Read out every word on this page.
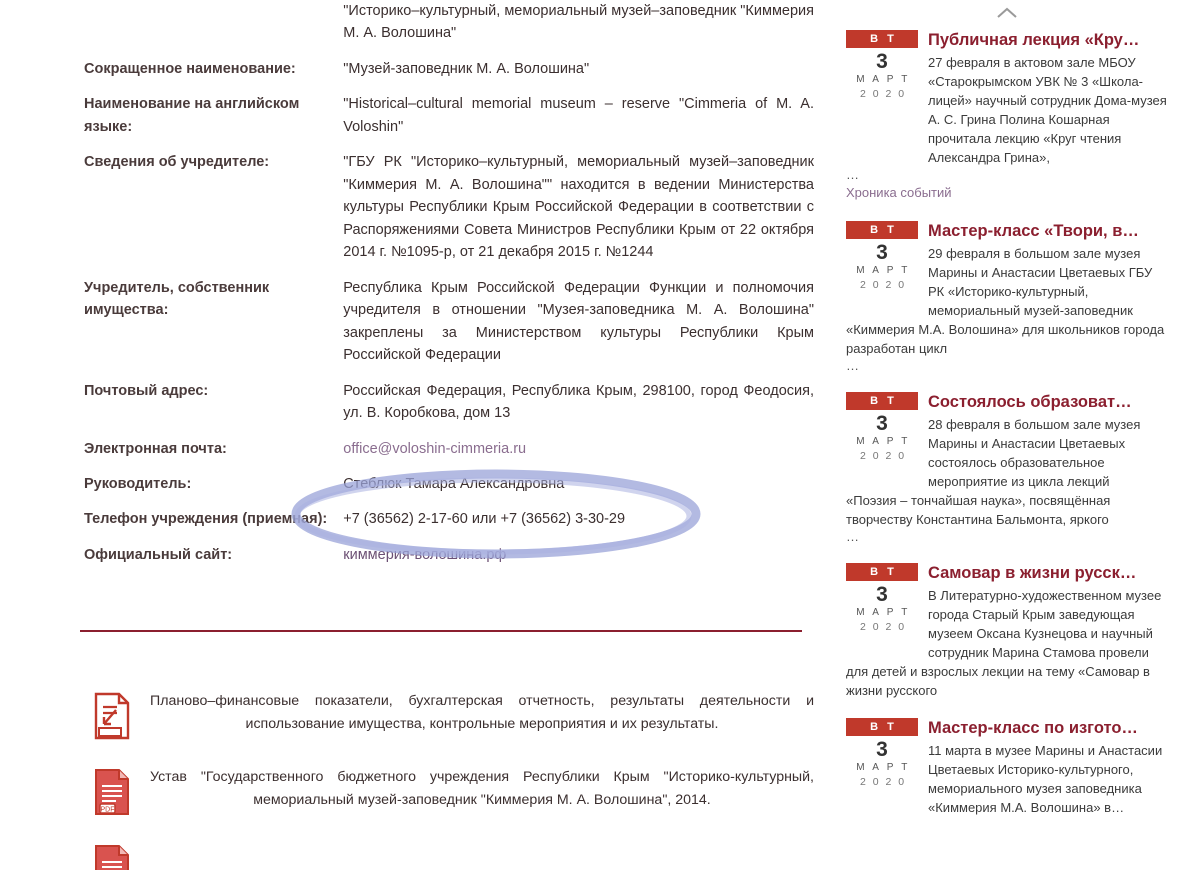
	"Историко–культурный, мемориальный музей–заповедник "Киммерия М. А. Волошина"
Сокращенное наименование:	"Музей-заповедник М. А. Волошина"
Наименование на английском языке:	"Historical–cultural memorial museum – reserve "Cimmeria of M. A. Voloshin"
Сведения об учредителе:	"ГБУ РК "Историко–культурный, мемориальный музей–заповедник "Киммерия М. А. Волошина"" находится в ведении Министерства культуры Республики Крым Российской Федерации в соответствии с Распоряжениями Совета Министров Республики Крым от 22 октября 2014 г. №1095-р, от 21 декабря 2015 г. №1244
Учредитель, собственник имущества:	Республика Крым Российской Федерации Функции и полномочия учредителя в отношении "Музея-заповедника М. А. Волошина" закреплены за Министерством культуры Республики Крым Российской Федерации
Почтовый адрес:	Российская Федерация, Республика Крым, 298100, город Феодосия, ул. В. Коробкова, дом 13
Электронная почта:	office@voloshin-cimmeria.ru
Руководитель:	Стеблюк Тамара Александровна
Телефон учреждения (приемная):	+7 (36562) 2-17-60 или +7 (36562) 3-30-29
Официальный сайт:	киммерия-волошина.рф
Планово–финансовые показатели, бухгалтерская отчетность, результаты деятельности и использование имущества, контрольные мероприятия и их результаты.
PDF
Устав "Государственного бюджетного учреждения Республики Крым "Историко-культурный, мемориальный музей-заповедник "Киммерия М. А. Волошина", 2014.
В Т
3
М А Р Т
2 0 2 0
Публичная лекция «Кру…
27 февраля в актовом зале МБОУ «Старокрымском УВК № 3 «Школа-лицей» научный сотрудник Дома-музея А. С. Грина Полина Кошарная прочитала лекцию «Круг чтения Александра Грина»,
…
Хроника событий
В Т
3
М А Р Т
2 0 2 0
Мастер-класс «Твори, в…
29 февраля в большом зале музея Марины и Анастасии Цветаевых ГБУ РК «Историко-культурный, мемориальный музей-заповедник
«Киммерия М.А. Волошина» для школьников города разработан цикл
…
В Т
3
М А Р Т
2 0 2 0
Состоялось образоват…
28 февраля в большом зале музея Марины и Анастасии Цветаевых состоялось образовательное мероприятие из цикла лекций
«Поэзия – тончайшая наука», посвящённая творчеству Константина Бальмонта, яркого
…
В Т
3
М А Р Т
2 0 2 0
Самовар в жизни русск…
В Литературно-художественном музее города Старый Крым заведующая музеем Оксана Кузнецова и научный сотрудник Марина Стамова провели
для детей и взрослых лекции на тему «Самовар в жизни русского
В Т
3
М А Р Т
2 0 2 0
Мастер-класс по изгото…
11 марта в музее Марины и Анастасии Цветаевых Историко-культурного, мемориального музея заповедника «Киммерия М.А. Волошина» в…
